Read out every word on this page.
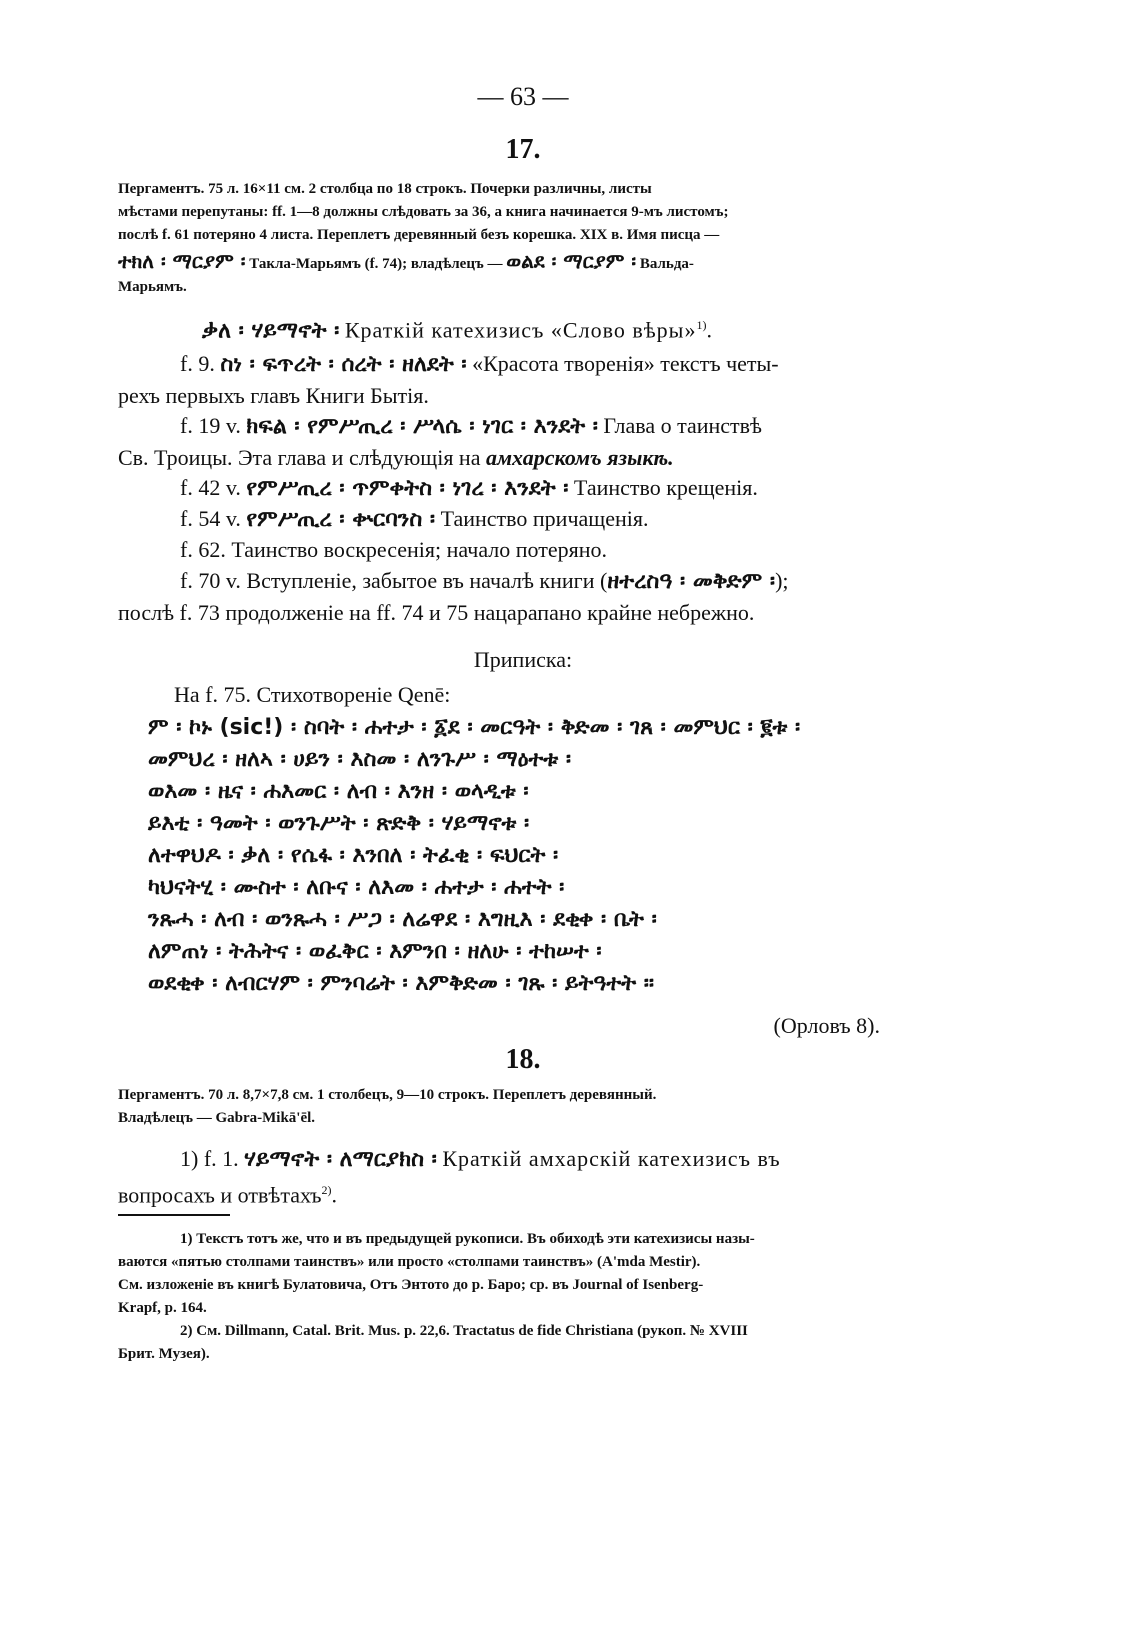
— 63 —
17.
Пергаментъ. 75 л. 16×11 см. 2 столбца по 18 строкъ. Почерки различны, листы
мѣстами перепутаны: ff. 1—8 должны слѣдовать за 36, а книга начинается 9-мъ листомъ;
послѣ f. 61 потеряно 4 листа. Переплетъ деревянный безъ корешка. XIX в. Имя писца —
ተክለ ፡ ማርያም ፡ Такла-Марьямъ (f. 74); владѣлецъ — ወልደ ፡ ማርያም ፡ Вальда-
Марьямъ.
ቃለ ፡ ሃይማኖት ፡ Краткій катехизисъ «Слово вѣры»$^{1)}$.
f. 9. ስነ ፡ ፍጥረት ፡ ሰረት ፡ ዘለደት ፡ «Красота творенія» текстъ четы-
рехъ первыхъ главъ Книги Бытія.
f. 19 v. ክፍል ፡ የምሥጢረ ፡ ሥላሴ ፡ ነገር ፡ እንደት ፡ Глава о таинствѣ
Св. Троицы. Эта глава и слѣдующія на амхарскомъ языкѣ.
f. 42 v. የምሥጢረ ፡ ጥምቀትስ ፡ ነገረ ፡ እንደት ፡ Таинство крещенія.
f. 54 v. የምሥጢረ ፡ ቍርባንስ ፡ Таинство причащенія.
f. 62. Таинство воскресенія; начало потеряно.
f. 70 v. Вступленіе, забытое въ началѣ книги (ዘተረስዓ ፡ መቅድም ፡);
послѣ f. 73 продолженіе на ff. 74 и 75 нацарапано крайне небрежно.
Приписка:
На f. 75. Стихотвореніе Qenē:
ም ፡ ኮኑ (sic!) ፡ ስባት ፡ ሐተታ ፡ ፩ደ ፡ መርዓት ፡ ቅድመ ፡ ገጸ ፡ መምህር ፡ ፪ቱ ፡
መምህረ ፡ ዘለኣ ፡ ሀይን ፡ እስመ ፡ ለንጉሥ ፡ ማዕተቱ ፡
ወእመ ፡ ዜና ፡ ሐእመር ፡ ለብ ፡ እንዘ ፡ ወላዲቱ ፡
ይእቲ ፡ ዓመት ፡ ወንጉሥት ፡ ጽድቅ ፡ ሃይማኖቱ ፡
ለተዋህዶ ፡ ቃለ ፡ የሴፋ ፡ እንበለ ፡ ትፈቂ ፡ ፍህርት ፡
ካህናትሂ ፡ ሙስተ ፡ ለቡና ፡ ለእመ ፡ ሐተታ ፡ ሐተት ፡
ንጹሓ ፡ ለብ ፡ ወንጹሓ ፡ ሥጋ ፡ ለሬዋደ ፡ እግዚእ ፡ ደቂቀ ፡ ቤት ፡
ለምጠነ ፡ ትሕትና ፡ ወፈቅር ፡ እምንበ ፡ ዘለሁ ፡ ተከሠተ ፡
ወደቂቀ ፡ ለብርሃም ፡ ምንባሬት ፡ እምቅድመ ፡ ገጹ ፡ ይትዓተት ፡፡
(Орловъ 8).
18.
Пергаментъ. 70 л. 8,7×7,8 см. 1 столбецъ, 9—10 строкъ. Переплетъ деревянный.
Владѣлецъ — Gabra-Mikā'ēl.
1) f. 1. ሃይማኖት ፡ ለማርያክስ ፡ Краткій амхарскій катехизисъ въ
вопросахъ и отвѣтахъ$^{2)}$.
1) Текстъ тотъ же, что и въ предыдущей рукописи. Въ обиходѣ эти катехизисы назы-
ваются «пятью столпами таинствъ» или просто «столпами таинствъ» (A'mda Mestir).
См. изложеніе въ книгѣ Булатовича, Отъ Энтото до р. Баро; ср. въ Journal of Isenberg-
Krapf, p. 164.
2) См. Dillmann, Catal. Brit. Mus. p. 22,6. Tractatus de fide Christiana (рукоп. № XVIII
Брит. Музея).
